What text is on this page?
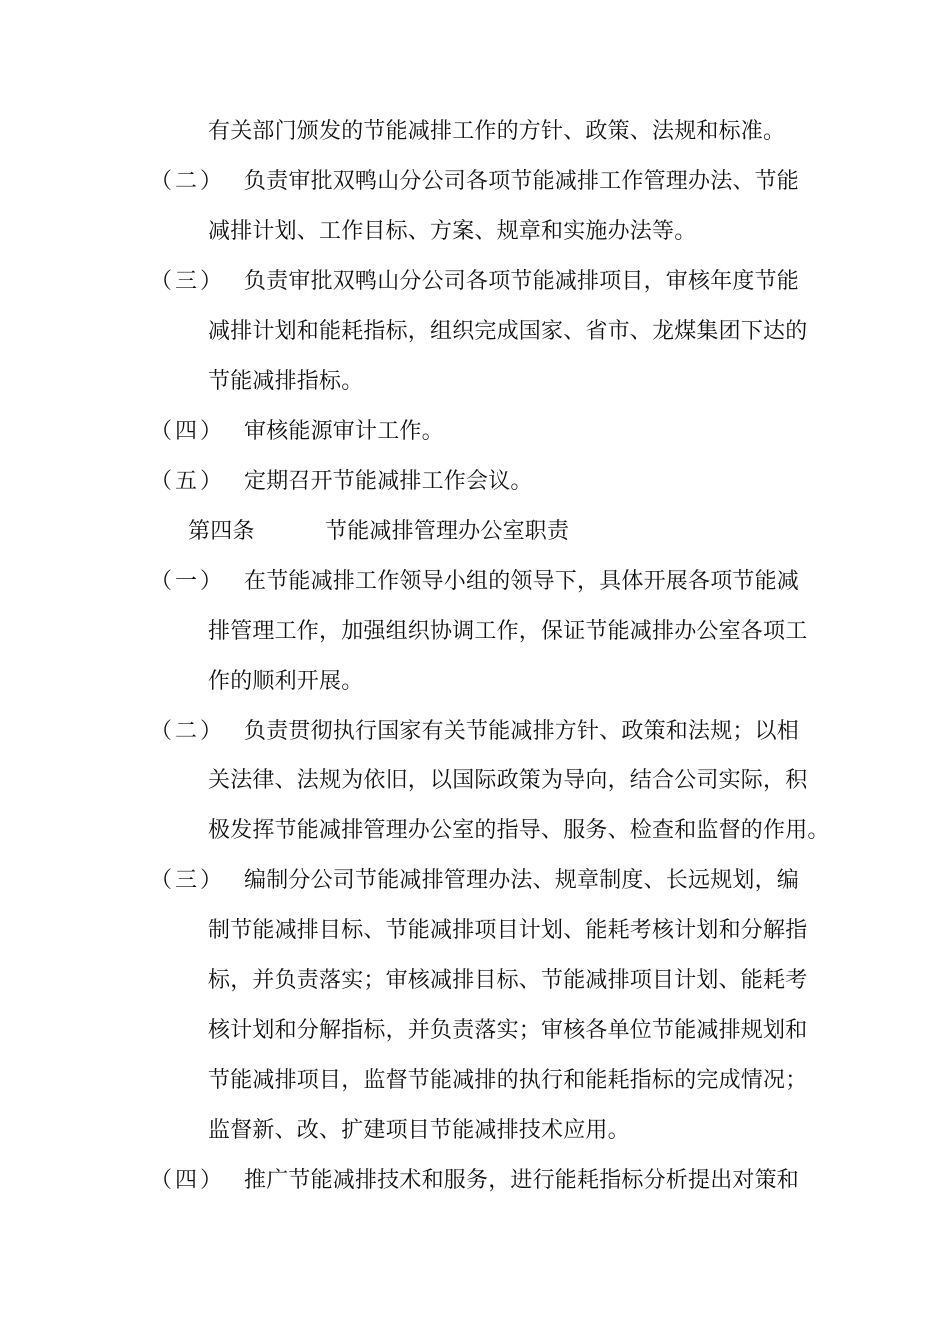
有关部门颁发的节能减排工作的方针、政策、法规和标准。
（二） 负责审批双鸭山分公司各项节能减排工作管理办法、节能
减排计划、工作目标、方案、规章和实施办法等。
（三） 负责审批双鸭山分公司各项节能减排项目，审核年度节能
减排计划和能耗指标，组织完成国家、省市、龙煤集团下达的
节能减排指标。
（四） 审核能源审计工作。
（五） 定期召开节能减排工作会议。
第四条	节能减排管理办公室职责
（一） 在节能减排工作领导小组的领导下，具体开展各项节能减
排管理工作，加强组织协调工作，保证节能减排办公室各项工
作的顺利开展。
（二） 负责贯彻执行国家有关节能减排方针、政策和法规；以相
关法律、法规为依旧，以国际政策为导向，结合公司实际，积
极发挥节能减排管理办公室的指导、服务、检查和监督的作用。
（三） 编制分公司节能减排管理办法、规章制度、长远规划，编
制节能减排目标、节能减排项目计划、能耗考核计划和分解指
标，并负责落实；审核减排目标、节能减排项目计划、能耗考
核计划和分解指标，并负责落实；审核各单位节能减排规划和
节能减排项目，监督节能减排的执行和能耗指标的完成情况；
监督新、改、扩建项目节能减排技术应用。
（四） 推广节能减排技术和服务，进行能耗指标分析提出对策和
